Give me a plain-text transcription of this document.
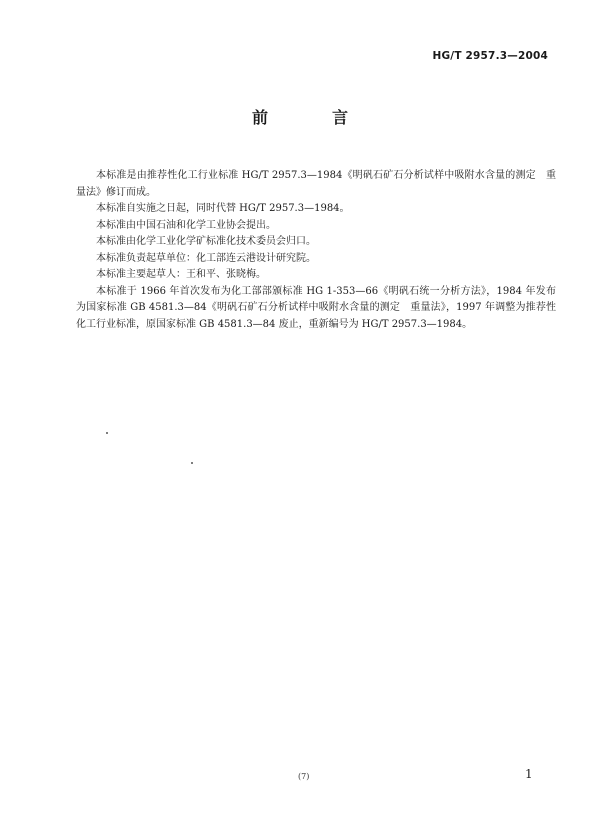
HG/T 2957.3—2004
前　言

本标准是由推荐性化工行业标准 HG/T 2957.3—1984《明矾石矿石分析试样中吸附水含量的测定　重量法》修订而成。

本标准自实施之日起，同时代替 HG/T 2957.3—1984。

本标准由中国石油和化学工业协会提出。

本标准由化学工业化学矿标准化技术委员会归口。

本标准负责起草单位：化工部连云港设计研究院。

本标准主要起草人：王和平、张晓梅。

本标准于 1966 年首次发布为化工部部颁标准 HG 1-353—66《明矾石统一分析方法》，1984 年发布为国家标准 GB 4581.3—84《明矾石矿石分析试样中吸附水含量的测定　重量法》，1997 年调整为推荐性化工行业标准，原国家标准 GB 4581.3—84 废止，重新编号为 HG/T 2957.3—1984。

(7)	1
